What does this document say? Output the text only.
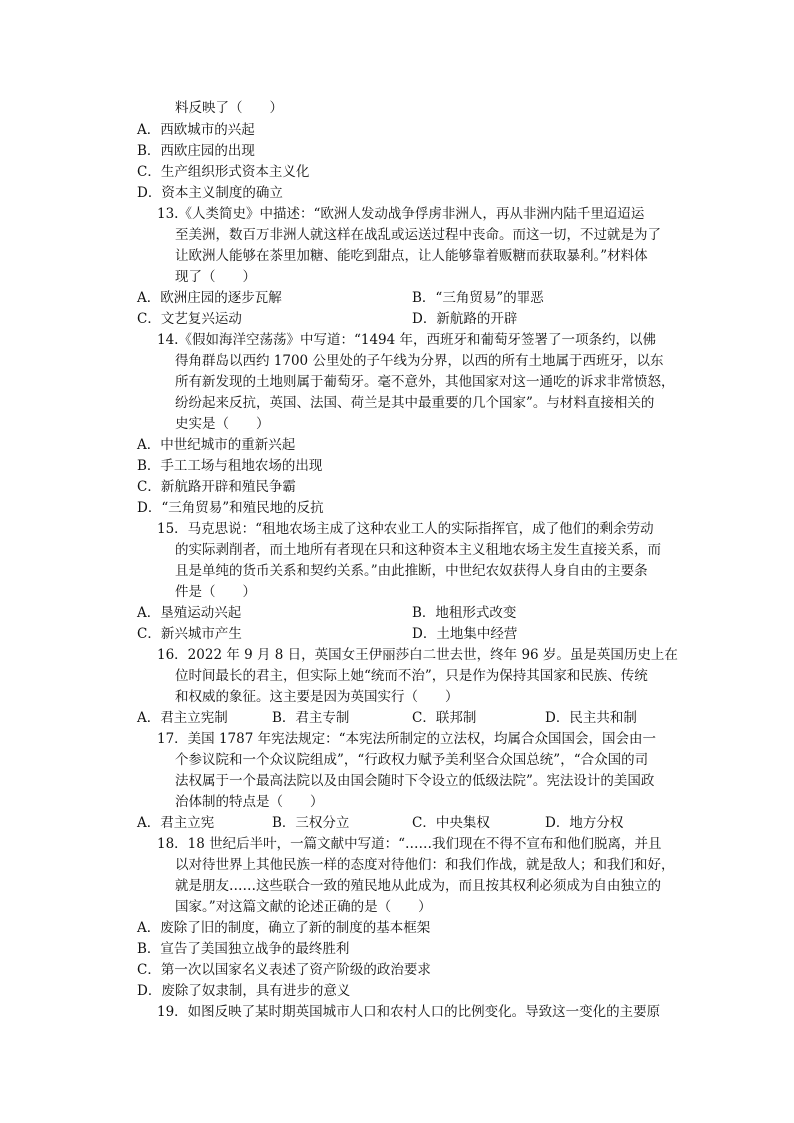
料反映了（　　）
A．西欧城市的兴起
B．西欧庄园的出现
C．生产组织形式资本主义化
D．资本主义制度的确立
13.《人类简史》中描述：“欧洲人发动战争俘虏非洲人，再从非洲内陆千里迢迢运
至美洲，数百万非洲人就这样在战乱或运送过程中丧命。而这一切，不过就是为了
让欧洲人能够在茶里加糖、能吃到甜点，让人能够靠着贩糖而获取暴利。”材料体
现了（　　）
A．欧洲庄园的逐步瓦解	B．“三角贸易”的罪恶
C．文艺复兴运动	D．新航路的开辟
14.《假如海洋空荡荡》中写道：“1494 年，西班牙和葡萄牙签署了一项条约，以佛
得角群岛以西约 1700 公里处的子午线为分界，以西的所有土地属于西班牙，以东
所有新发现的土地则属于葡萄牙。毫不意外，其他国家对这一通吃的诉求非常愤怒，
纷纷起来反抗，英国、法国、荷兰是其中最重要的几个国家”。与材料直接相关的
史实是（　　）
A．中世纪城市的重新兴起
B．手工工场与租地农场的出现
C．新航路开辟和殖民争霸
D．“三角贸易”和殖民地的反抗
15．马克思说：“租地农场主成了这种农业工人的实际指挥官，成了他们的剩余劳动
的实际剥削者，而土地所有者现在只和这种资本主义租地农场主发生直接关系，而
且是单纯的货币关系和契约关系。”由此推断，中世纪农奴获得人身自由的主要条
件是（　　）
A．垦殖运动兴起	B．地租形式改变
C．新兴城市产生	D．土地集中经营
16．2022 年 9 月 8 日，英国女王伊丽莎白二世去世，终年 96 岁。虽是英国历史上在
位时间最长的君主，但实际上她“统而不治”，只是作为保持其国家和民族、传统
和权威的象征。这主要是因为英国实行（　　）
A．君主立宪制	B．君主专制	C．联邦制	D．民主共和制
17．美国 1787 年宪法规定：“本宪法所制定的立法权，均属合众国国会，国会由一
个参议院和一个众议院组成”，“行政权力赋予美利坚合众国总统”，“合众国的司
法权属于一个最高法院以及由国会随时下令设立的低级法院”。宪法设计的美国政
治体制的特点是（　　）
A．君主立宪	B．三权分立	C．中央集权	D．地方分权
18．18 世纪后半叶，一篇文献中写道：“……我们现在不得不宣布和他们脱离，并且
以对待世界上其他民族一样的态度对待他们：和我们作战，就是敌人；和我们和好，
就是朋友……这些联合一致的殖民地从此成为，而且按其权利必须成为自由独立的
国家。”对这篇文献的论述正确的是（　　）
A．废除了旧的制度，确立了新的制度的基本框架
B．宣告了美国独立战争的最终胜利
C．第一次以国家名义表述了资产阶级的政治要求
D．废除了奴隶制，具有进步的意义
19．如图反映了某时期英国城市人口和农村人口的比例变化。导致这一变化的主要原
